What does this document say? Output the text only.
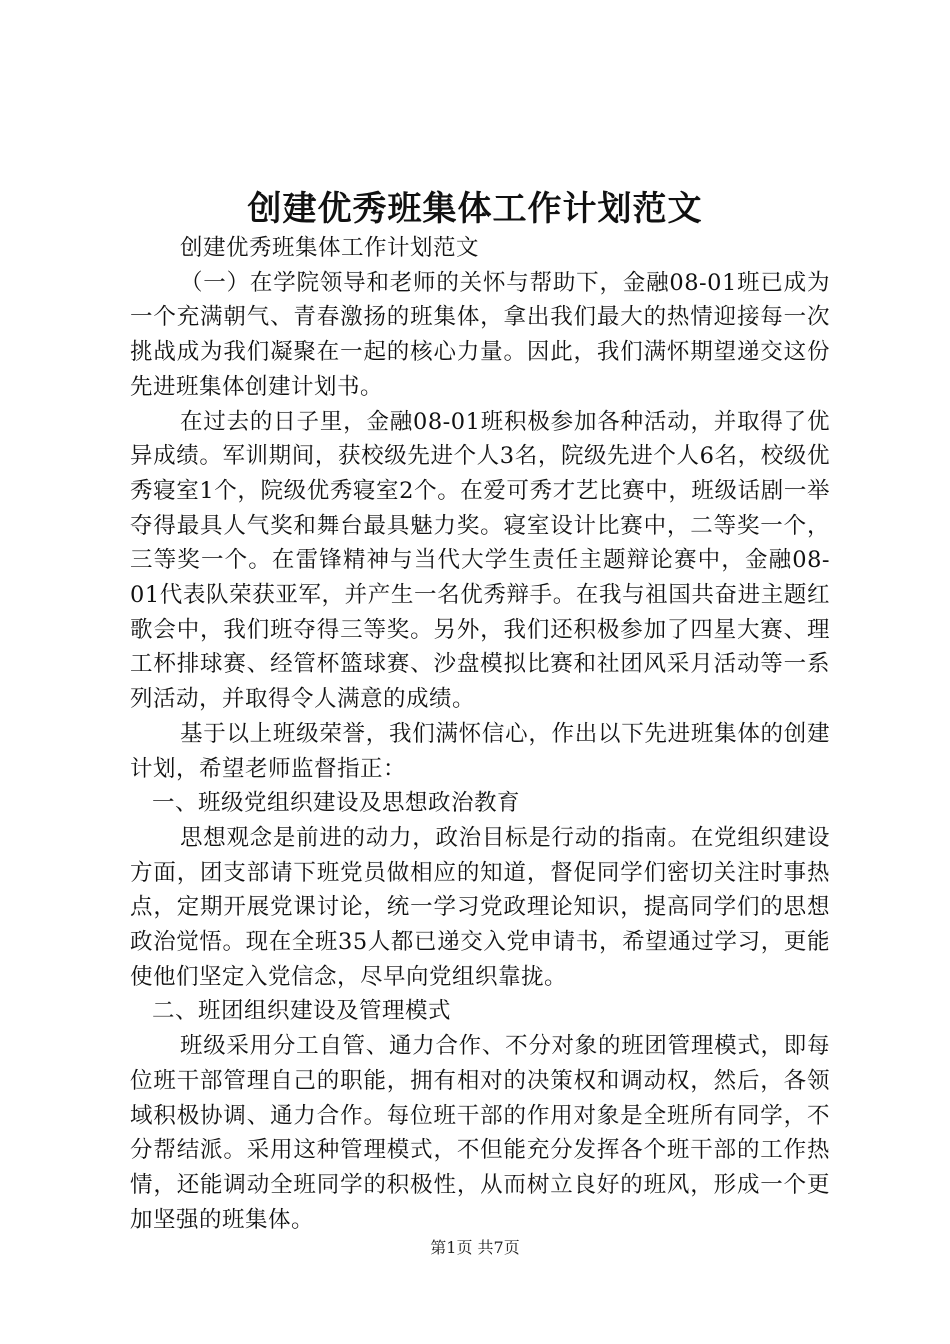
创建优秀班集体工作计划范文

创建优秀班集体工作计划范文

（一）在学院领导和老师的关怀与帮助下，金融08-01班已成为一个充满朝气、青春激扬的班集体，拿出我们最大的热情迎接每一次挑战成为我们凝聚在一起的核心力量。因此，我们满怀期望递交这份先进班集体创建计划书。

在过去的日子里，金融08-01班积极参加各种活动，并取得了优异成绩。军训期间，获校级先进个人3名，院级先进个人6名，校级优秀寝室1个，院级优秀寝室2个。在爱可秀才艺比赛中，班级话剧一举夺得最具人气奖和舞台最具魅力奖。寝室设计比赛中，二等奖一个，三等奖一个。在雷锋精神与当代大学生责任主题辩论赛中，金融08-01代表队荣获亚军，并产生一名优秀辩手。在我与祖国共奋进主题红歌会中，我们班夺得三等奖。另外，我们还积极参加了四星大赛、理工杯排球赛、经管杯篮球赛、沙盘模拟比赛和社团风采月活动等一系列活动，并取得令人满意的成绩。

基于以上班级荣誉，我们满怀信心，作出以下先进班集体的创建计划，希望老师监督指正：

一、班级党组织建设及思想政治教育

思想观念是前进的动力，政治目标是行动的指南。在党组织建设方面，团支部请下班党员做相应的知道，督促同学们密切关注时事热点，定期开展党课讨论，统一学习党政理论知识，提高同学们的思想政治觉悟。现在全班35人都已递交入党申请书，希望通过学习，更能使他们坚定入党信念，尽早向党组织靠拢。

二、班团组织建设及管理模式

班级采用分工自管、通力合作、不分对象的班团管理模式，即每位班干部管理自己的职能，拥有相对的决策权和调动权，然后，各领域积极协调、通力合作。每位班干部的作用对象是全班所有同学，不分帮结派。采用这种管理模式，不但能充分发挥各个班干部的工作热情，还能调动全班同学的积极性，从而树立良好的班风，形成一个更加坚强的班集体。

第1页 共7页
